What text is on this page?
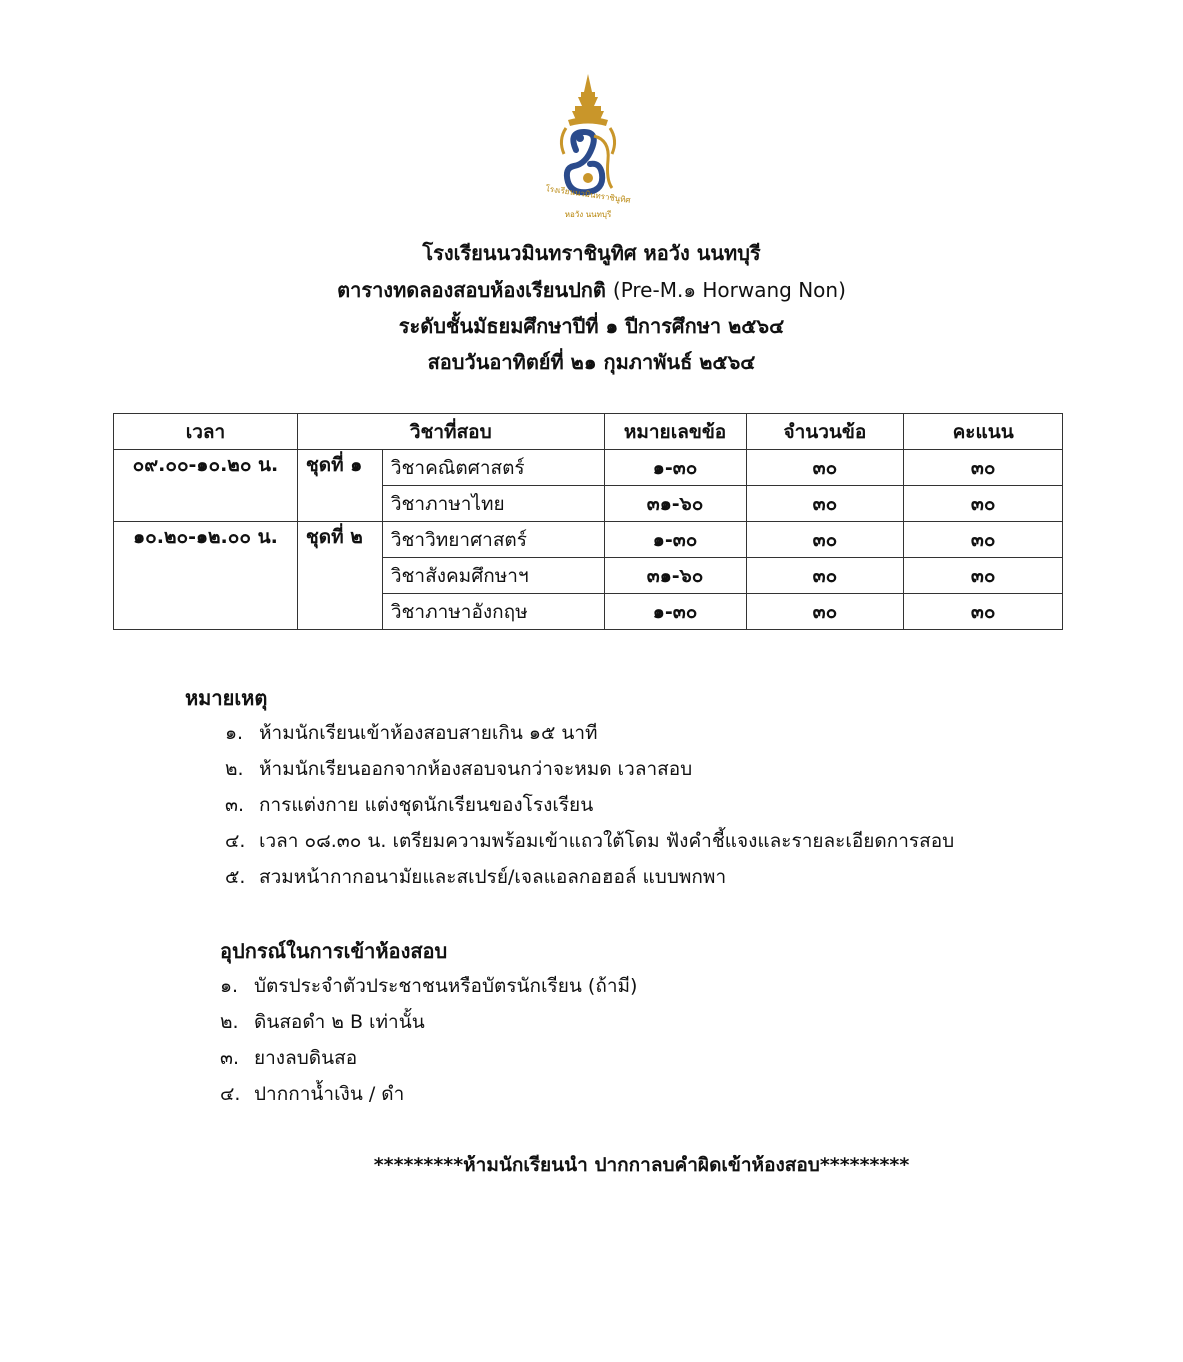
โรงเรียนนวมินทราชินูทิศ
หอวัง นนทบุรี
โรงเรียนนวมินทราชินูทิศ หอวัง นนทบุรี
ตารางทดลองสอบห้องเรียนปกติ (Pre-M.๑ Horwang Non)
ระดับชั้นมัธยมศึกษาปีที่ ๑ ปีการศึกษา ๒๕๖๔
สอบวันอาทิตย์ที่ ๒๑ กุมภาพันธ์ ๒๕๖๔
เวลา	วิชาที่สอบ		หมายเลขข้อ	จำนวนข้อ	คะแนน
๐๙.๐๐-๑๐.๒๐ น.	ชุดที่ ๑	วิชาคณิตศาสตร์	๑-๓๐	๓๐	๓๐
		วิชาภาษาไทย	๓๑-๖๐	๓๐	๓๐
๑๐.๒๐-๑๒.๐๐ น.	ชุดที่ ๒	วิชาวิทยาศาสตร์	๑-๓๐	๓๐	๓๐
		วิชาสังคมศึกษาฯ	๓๑-๖๐	๓๐	๓๐
		วิชาภาษาอังกฤษ	๑-๓๐	๓๐	๓๐
หมายเหตุ
๑. ห้ามนักเรียนเข้าห้องสอบสายเกิน ๑๕ นาที
๒. ห้ามนักเรียนออกจากห้องสอบจนกว่าจะหมด เวลาสอบ
๓. การแต่งกาย แต่งชุดนักเรียนของโรงเรียน
๔. เวลา ๐๘.๓๐ น. เตรียมความพร้อมเข้าแถวใต้โดม ฟังคำชี้แจงและรายละเอียดการสอบ
๕. สวมหน้ากากอนามัยและสเปรย์/เจลแอลกอฮอล์ แบบพกพา
อุปกรณ์ในการเข้าห้องสอบ
๑. บัตรประจำตัวประชาชนหรือบัตรนักเรียน (ถ้ามี)
๒. ดินสอดำ ๒ B เท่านั้น
๓. ยางลบดินสอ
๔. ปากกาน้ำเงิน / ดำ
*********ห้ามนักเรียนนำ ปากกาลบคำผิดเข้าห้องสอบ*********
